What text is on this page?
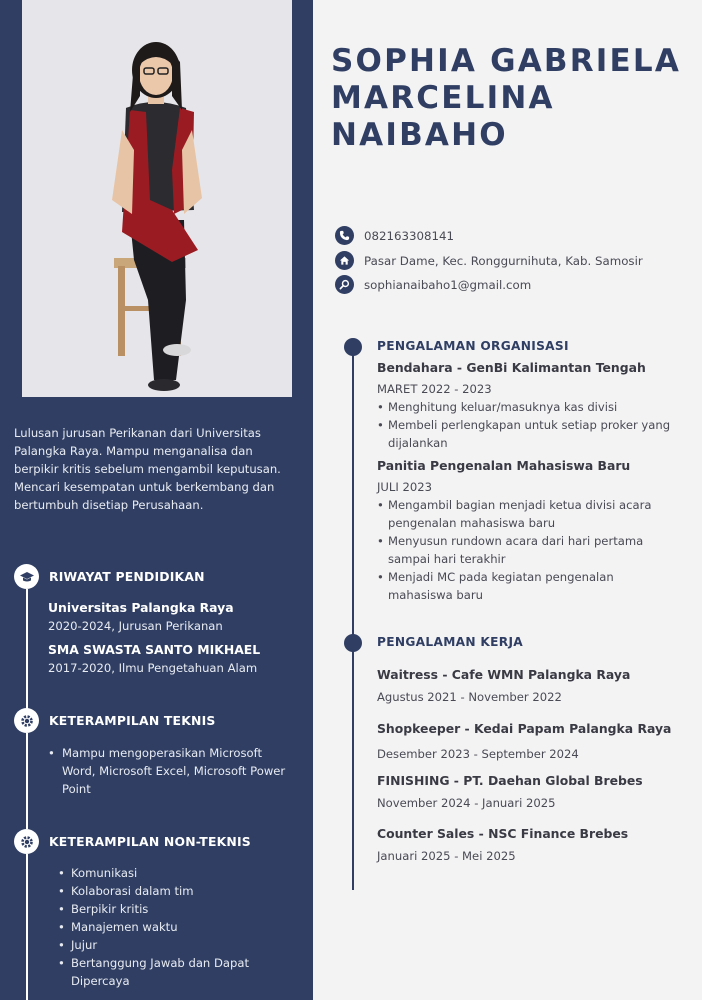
Lulusan jurusan Perikanan dari Universitas Palangka Raya. Mampu menganalisa dan berpikir kritis sebelum mengambil keputusan. Mencari kesempatan untuk berkembang dan bertumbuh disetiap Perusahaan.
RIWAYAT PENDIDIKAN
Universitas Palangka Raya
2020-2024, Jurusan Perikanan
SMA SWASTA SANTO MIKHAEL
2017-2020, Ilmu Pengetahuan Alam
KETERAMPILAN TEKNIS
• Mampu mengoperasikan Microsoft Word, Microsoft Excel, Microsoft Power Point
KETERAMPILAN NON-TEKNIS
• Komunikasi
• Kolaborasi dalam tim
• Berpikir kritis
• Manajemen waktu
• Jujur
• Bertanggung Jawab dan Dapat Dipercaya
SOPHIA GABRIELA
MARCELINA
NAIBAHO
082163308141
Pasar Dame, Kec. Ronggurnihuta, Kab. Samosir
sophianaibaho1@gmail.com
PENGALAMAN ORGANISASI
Bendahara - GenBi Kalimantan Tengah
MARET 2022 - 2023
• Menghitung keluar/masuknya kas divisi
• Membeli perlengkapan untuk setiap proker yang dijalankan
Panitia Pengenalan Mahasiswa Baru
JULI 2023
• Mengambil bagian menjadi ketua divisi acara pengenalan mahasiswa baru
• Menyusun rundown acara dari hari pertama sampai hari terakhir
• Menjadi MC pada kegiatan pengenalan mahasiswa baru
PENGALAMAN KERJA
Waitress - Cafe WMN Palangka Raya
Agustus 2021 - November 2022
Shopkeeper - Kedai Papam Palangka Raya
Desember 2023 - September 2024
FINISHING - PT. Daehan Global Brebes
November 2024 - Januari 2025
Counter Sales - NSC Finance Brebes
Januari 2025 - Mei 2025
